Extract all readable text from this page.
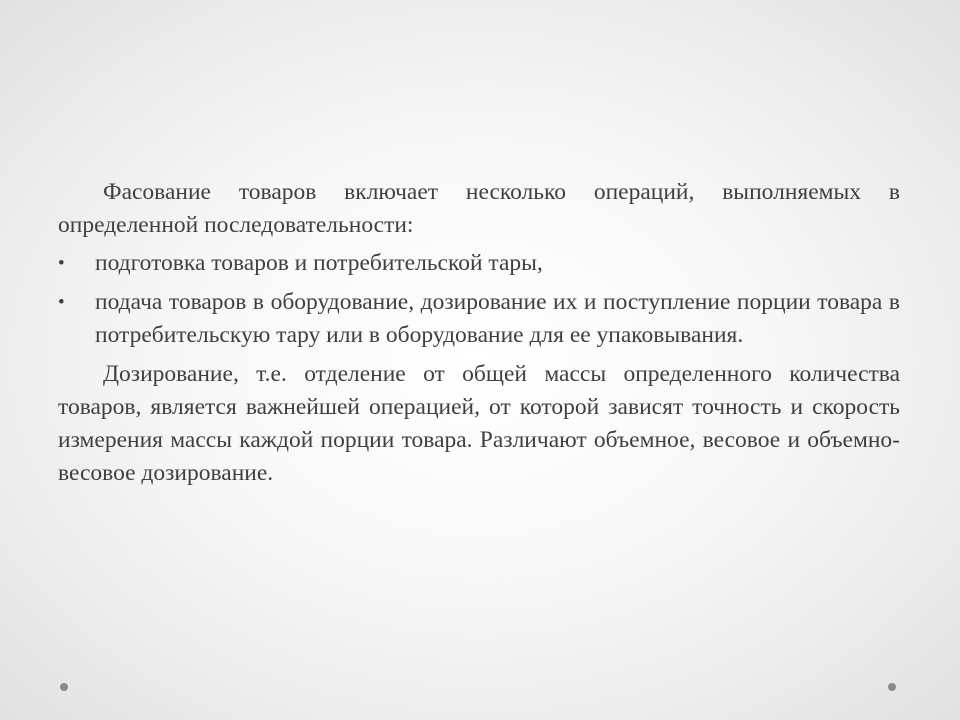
Фасование товаров включает несколько операций, выполняемых в определенной последовательности:

• подготовка товаров и потребительской тары,
• подача товаров в оборудование, дозирование их и поступление порции товара в потребительскую тару или в оборудование для ее упаковывания.

Дозирование, т.е. отделение от общей массы определенного количества товаров, является важнейшей операцией, от которой зависят точность и скорость измерения массы каждой порции товара. Различают объемное, весовое и объемно-весовое дозирование.
